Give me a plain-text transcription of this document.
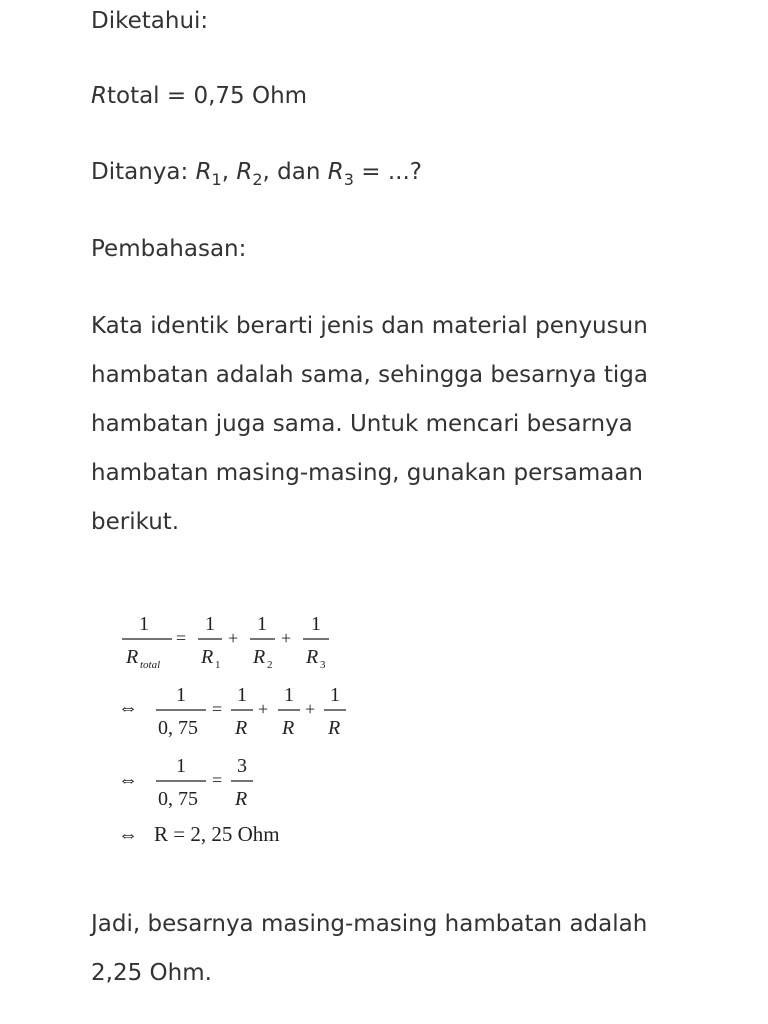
Diketahui:

Rtotal = 0,75 Ohm

Ditanya: $R_1$, $R_2$, dan $R_3$ = ...?

Pembahasan:

Kata identik berarti jenis dan material penyusun hambatan adalah sama, sehingga besarnya tiga hambatan juga sama. Untuk mencari besarnya hambatan masing-masing, gunakan persamaan berikut.

1
R total
=
1
R 1
+
1
R 2
+
1
R 3
⇔
1
0, 75
=
1
R
+
1
R
+
1
R
⇔
1
0, 75
=
3
R
⇔ R = 2, 25 Ohm

Jadi, besarnya masing-masing hambatan adalah 2,25 Ohm.
